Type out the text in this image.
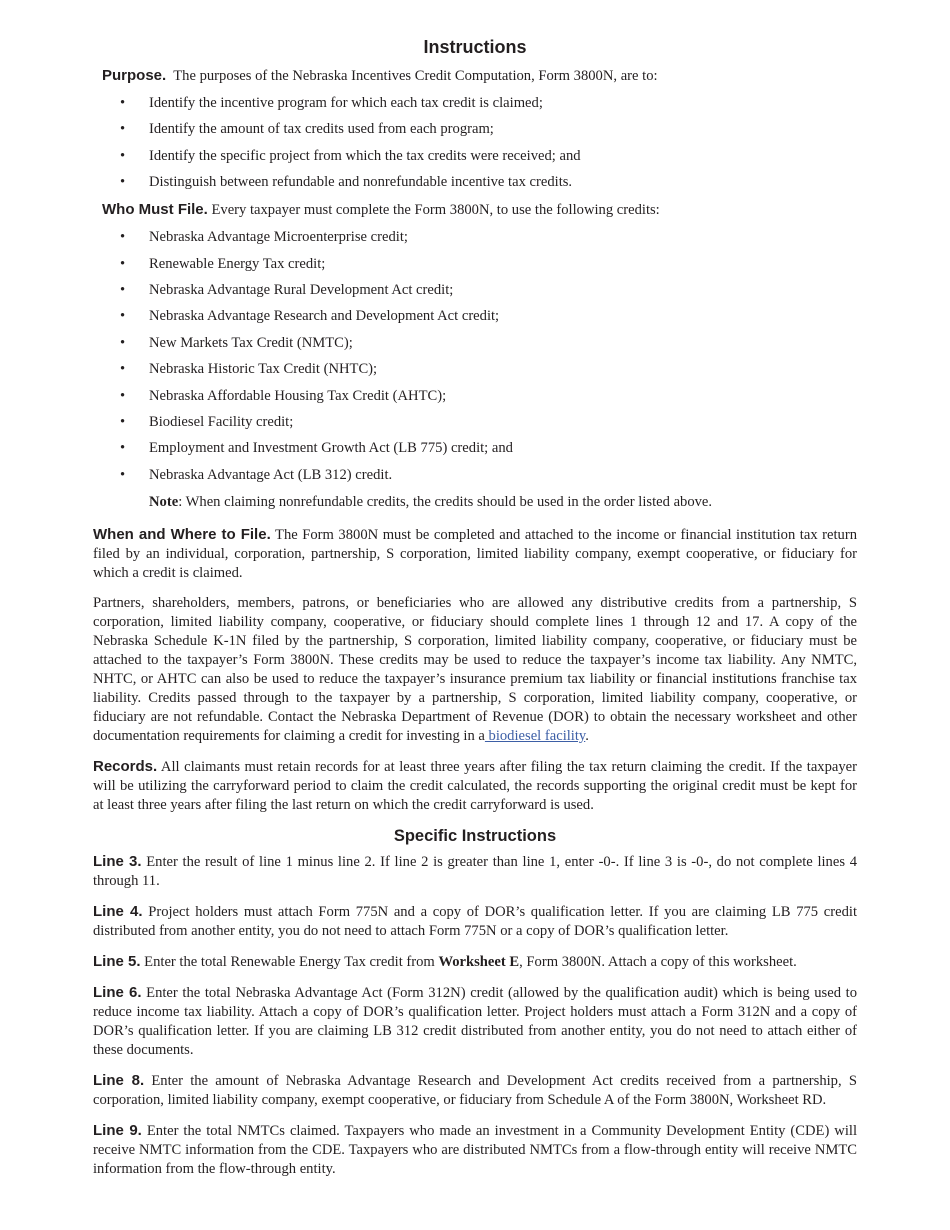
Instructions
Purpose. The purposes of the Nebraska Incentives Credit Computation, Form 3800N, are to:
• Identify the incentive program for which each tax credit is claimed;
• Identify the amount of tax credits used from each program;
• Identify the specific project from which the tax credits were received; and
• Distinguish between refundable and nonrefundable incentive tax credits.
Who Must File. Every taxpayer must complete the Form 3800N, to use the following credits:
• Nebraska Advantage Microenterprise credit;
• Renewable Energy Tax credit;
• Nebraska Advantage Rural Development Act credit;
• Nebraska Advantage Research and Development Act credit;
• New Markets Tax Credit (NMTC);
• Nebraska Historic Tax Credit (NHTC);
• Nebraska Affordable Housing Tax Credit (AHTC);
• Biodiesel Facility credit;
• Employment and Investment Growth Act (LB 775) credit; and
• Nebraska Advantage Act (LB 312) credit.
Note: When claiming nonrefundable credits, the credits should be used in the order listed above.

When and Where to File. The Form 3800N must be completed and attached to the income or financial institution tax return filed by an individual, corporation, partnership, S corporation, limited liability company, exempt cooperative, or fiduciary for which a credit is claimed.

Partners, shareholders, members, patrons, or beneficiaries who are allowed any distributive credits from a partnership, S corporation, limited liability company, cooperative, or fiduciary should complete lines 1 through 12 and 17. A copy of the Nebraska Schedule K-1N filed by the partnership, S corporation, limited liability company, cooperative, or fiduciary must be attached to the taxpayer’s Form 3800N. These credits may be used to reduce the taxpayer’s income tax liability. Any NMTC, NHTC, or AHTC can also be used to reduce the taxpayer’s insurance premium tax liability or financial institutions franchise tax liability. Credits passed through to the taxpayer by a partnership, S corporation, limited liability company, cooperative, or fiduciary are not refundable. Contact the Nebraska Department of Revenue (DOR) to obtain the necessary worksheet and other documentation requirements for claiming a credit for investing in a biodiesel facility.

Records. All claimants must retain records for at least three years after filing the tax return claiming the credit. If the taxpayer will be utilizing the carryforward period to claim the credit calculated, the records supporting the original credit must be kept for at least three years after filing the last return on which the credit carryforward is used.

Specific Instructions

Line 3. Enter the result of line 1 minus line 2. If line 2 is greater than line 1, enter -0-. If line 3 is -0-, do not complete lines 4 through 11.

Line 4. Project holders must attach Form 775N and a copy of DOR’s qualification letter. If you are claiming LB 775 credit distributed from another entity, you do not need to attach Form 775N or a copy of DOR’s qualification letter.

Line 5. Enter the total Renewable Energy Tax credit from Worksheet E, Form 3800N. Attach a copy of this worksheet.

Line 6. Enter the total Nebraska Advantage Act (Form 312N) credit (allowed by the qualification audit) which is being used to reduce income tax liability. Attach a copy of DOR’s qualification letter. Project holders must attach a Form 312N and a copy of DOR’s qualification letter. If you are claiming LB 312 credit distributed from another entity, you do not need to attach either of these documents.

Line 8. Enter the amount of Nebraska Advantage Research and Development Act credits received from a partnership, S corporation, limited liability company, exempt cooperative, or fiduciary from Schedule A of the Form 3800N, Worksheet RD.

Line 9. Enter the total NMTCs claimed. Taxpayers who made an investment in a Community Development Entity (CDE) will receive NMTC information from the CDE. Taxpayers who are distributed NMTCs from a flow-through entity will receive NMTC information from the flow-through entity.
